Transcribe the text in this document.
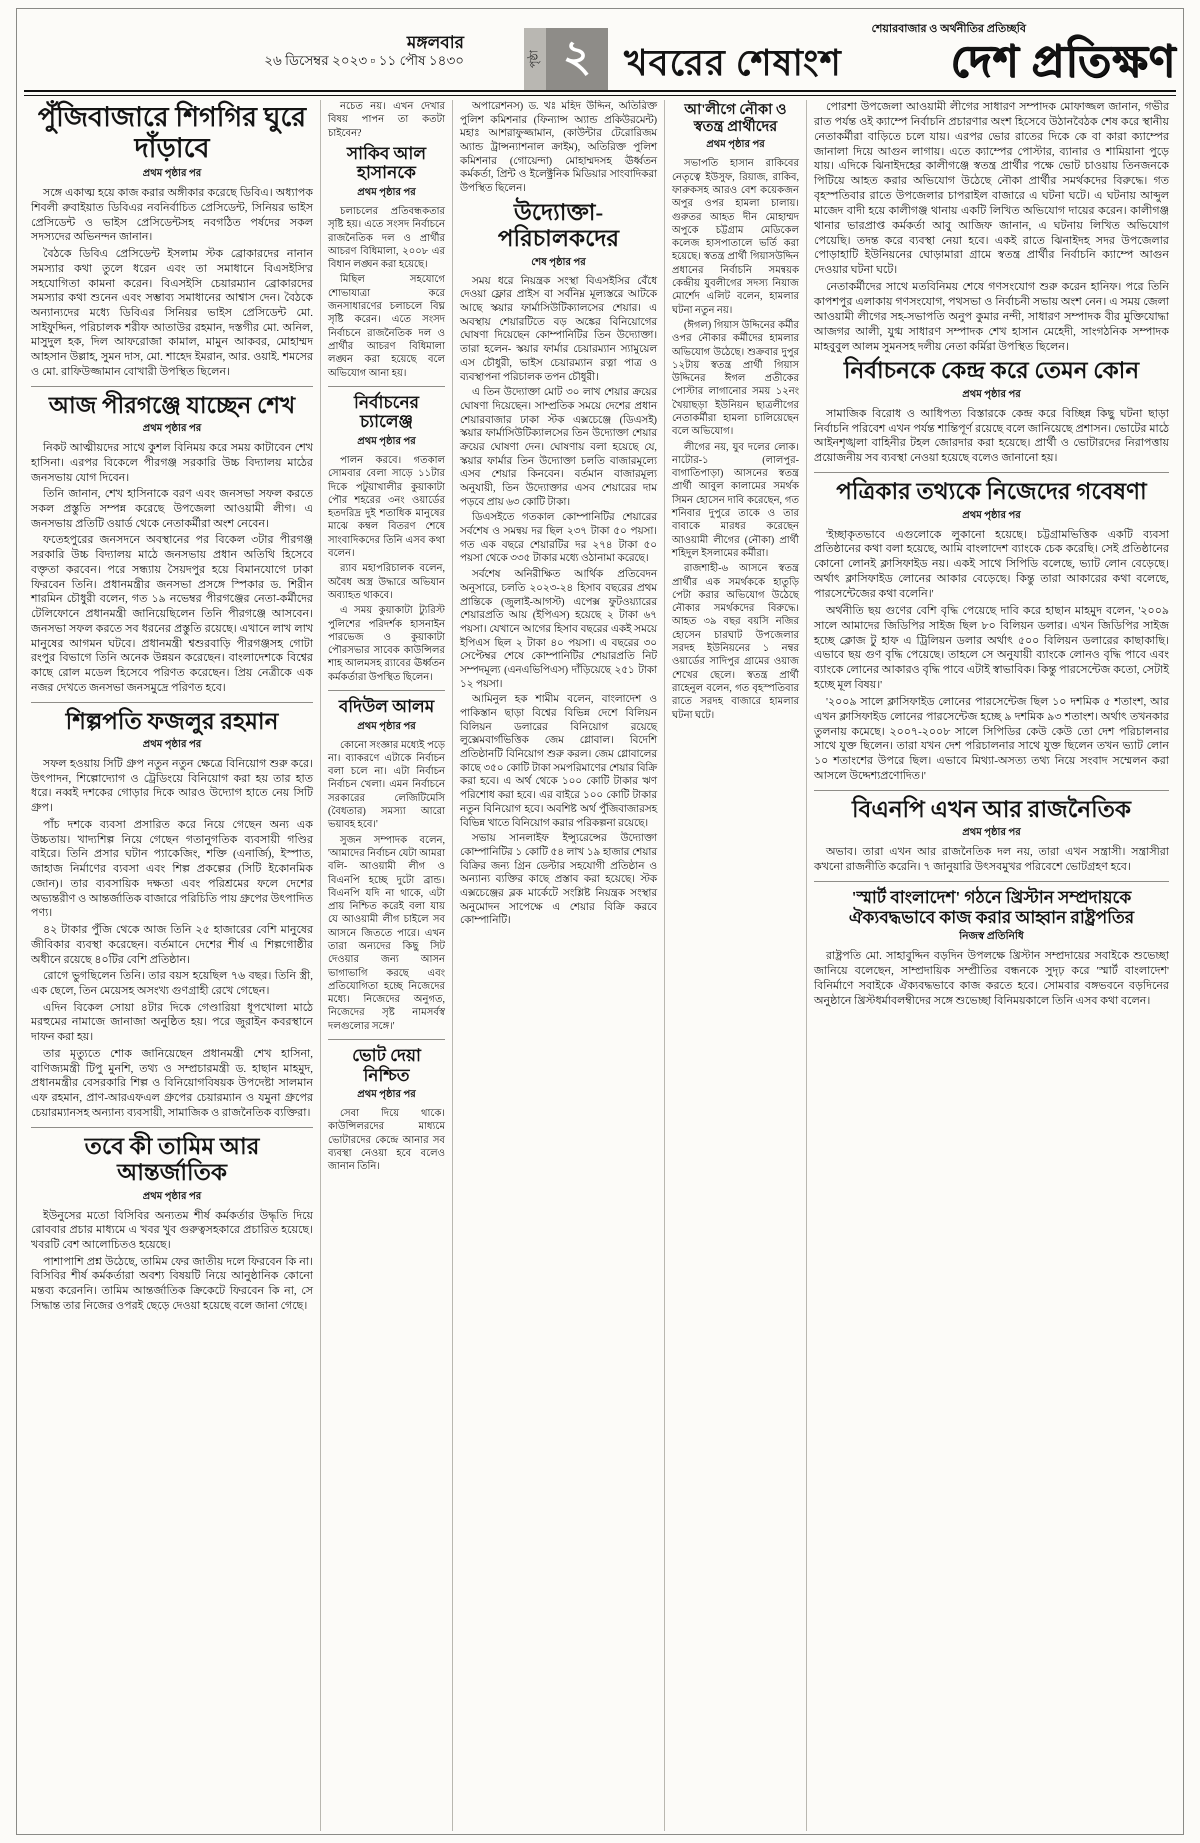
মঙ্গলবার
২৬ ডিসেম্বর ২০২৩ ▫ ১১ পৌষ ১৪৩০	পৃষ্ঠা ২ খবরের শেষাংশ
শেয়ারবাজার ও অর্থনীতির প্রতিচ্ছবি
দেশ প্রতিক্ষণ
পুঁজিবাজারে শিগগির ঘুরে দাঁড়াবে
প্রথম পৃষ্ঠার পর

সঙ্গে একাত্ম হয়ে কাজ করার অঙ্গীকার করেছে ডিবিএ। অধ্যাপক শিবলী রুবাইয়াত ডিবিএর নবনির্বাচিত প্রেসিডেন্ট, সিনিয়র ভাইস প্রেসিডেন্ট ও ভাইস প্রেসিডেন্টসহ নবগঠিত পর্ষদের সকল সদস্যদের অভিনন্দন জানান।

বৈঠকে ডিবিএ প্রেসিডেন্ট ইসলাম স্টক ব্রোকারদের নানান সমস্যার কথা তুলে ধরেন এবং তা সমাধানে বিএসইসি'র সহযোগিতা কামনা করেন। বিএসইসি চেয়ারম্যান ব্রোকারদের সমস্যার কথা শুনেন এবং সম্ভাব্য সমাধানের আশ্বাস দেন। বৈঠকে অন্যান্যদের মধ্যে ডিবিএর সিনিয়র ভাইস প্রেসিডেন্ট মো. সাইফুদ্দিন, পরিচালক শরীফ আতাউর রহমান, দস্তগীর মো. অনিল, মাসুদুল হক, দিল আফরোজা কামাল, মামুন আকবর, মোহাম্মদ আহসান উল্লাহ, সুমন দাস, মো. শাহেদ ইমরান, আর. ওয়াই. শমসের ও মো. রাফিউজ্জামান বোখারী উপস্থিত ছিলেন।

আজ পীরগঞ্জে যাচ্ছেন শেখ
প্রথম পৃষ্ঠার পর

নিকট আত্মীয়দের সাথে কুশল বিনিময় করে সময় কাটাবেন শেখ হাসিনা। এরপর বিকেলে পীরগঞ্জ সরকারি উচ্চ বিদ্যালয় মাঠের জনসভায় যোগ দিবেন।

তিনি জানান, শেখ হাসিনাকে বরণ এবং জনসভা সফল করতে সকল প্রস্তুতি সম্পন্ন করেছে উপজেলা আওয়ামী লীগ। এ জনসভায় প্রতিটি ওয়ার্ড থেকে নেতাকর্মীরা অংশ নেবেন।

ফতেহপুরের জনসদনে অবস্থানের পর বিকেল ৩টার পীরগঞ্জ সরকারি উচ্চ বিদ্যালয় মাঠে জনসভায় প্রধান অতিথি হিসেবে বক্তৃতা করবেন। পরে সন্ধ্যায় সৈয়দপুর হয়ে বিমানযোগে ঢাকা ফিরবেন তিনি। প্রধানমন্ত্রীর জনসভা প্রসঙ্গে স্পিকার ড. শিরীন শারমিন চৌধুরী বলেন, গত ১৯ নভেম্বর পীরগঞ্জের নেতা-কর্মীদের টেলিফোনে প্রধানমন্ত্রী জানিয়েছিলেন তিনি পীরগঞ্জে আসবেন। জনসভা সফল করতে সব ধরনের প্রস্তুতি রয়েছে। এখানে লাখ লাখ মানুষের আগমন ঘটবে। প্রধানমন্ত্রী শ্বশুরবাড়ি পীরগঞ্জসহ গোটা রংপুর বিভাগে তিনি অনেক উন্নয়ন করেছেন। বাংলাদেশকে বিশ্বের কাছে রোল মডেল হিসেবে পরিণত করেছেন। প্রিয় নেত্রীকে এক নজর দেখতে জনসভা জনসমুদ্রে পরিণত হবে।

শিল্পপতি ফজলুর রহমান
প্রথম পৃষ্ঠার পর

সফল হওয়ায় সিটি গ্রুপ নতুন নতুন ক্ষেত্রে বিনিয়োগ শুরু করে। উৎপাদন, শিল্পোদ্যোগ ও ট্রেডিংয়ে বিনিয়োগ করা হয় তার হাত ধরে। নব্বই দশকের গোড়ার দিকে আরও উদ্যোগ হাতে নেয় সিটি গ্রুপ।

পাঁচ দশকে ব্যবসা প্রসারিত করে নিয়ে গেছেন অন্য এক উচ্চতায়। খাদ্যশিল্প নিয়ে গেছেন গতানুগতিক ব্যবসায়ী গণ্ডির বাইরে। তিনি প্রসার ঘটান প্যাকেজিং, শক্তি (এনার্জি), ইস্পাত, জাহাজ নির্মাণের ব্যবসা এবং শিল্প প্রকল্পের (সিটি ইকোনমিক জোন)। তার ব্যবসায়িক দক্ষতা এবং পরিশ্রমের ফলে দেশের অভ্যন্তরীণ ও আন্তর্জাতিক বাজারে পরিচিতি পায় গ্রুপের উৎপাদিত পণ্য।

৪২ টাকার পুঁজি থেকে আজ তিনি ২৫ হাজারের বেশি মানুষের জীবিকার ব্যবস্থা করেছেন। বর্তমানে দেশের শীর্ষ এ শিল্পগোষ্ঠীর অধীনে রয়েছে ৪০টির বেশি প্রতিষ্ঠান।

রোগে ভুগছিলেন তিনি। তার বয়স হয়েছিল ৭৬ বছর। তিনি স্ত্রী, এক ছেলে, তিন মেয়েসহ অসংখ্য গুণগ্রাহী রেখে গেছেন।

এদিন বিকেল সোয়া ৪টার দিকে গেণ্ডারিয়া ধূপখোলা মাঠে মরহুমের নামাজে জানাজা অনুষ্ঠিত হয়। পরে জুরাইন কবরস্থানে দাফন করা হয়।

তার মৃত্যুতে শোক জানিয়েছেন প্রধানমন্ত্রী শেখ হাসিনা, বাণিজ্যমন্ত্রী টিপু মুনশি, তথ্য ও সম্প্রচারমন্ত্রী ড. হাছান মাহমুদ, প্রধানমন্ত্রীর বেসরকারি শিল্প ও বিনিয়োগবিষয়ক উপদেষ্টা সালমান এফ রহমান, প্রাণ-আরএফএল গ্রুপের চেয়ারম্যান ও যমুনা গ্রুপের চেয়ারম্যানসহ অন্যান্য ব্যবসায়ী, সামাজিক ও রাজনৈতিক ব্যক্তিরা।

তবে কী তামিম আর আন্তর্জাতিক
প্রথম পৃষ্ঠার পর

ইউনুসের মতো বিসিবির অন্যতম শীর্ষ কর্মকর্তার উদ্ধৃতি দিয়ে রোববার প্রচার মাধ্যমে এ খবর খুব গুরুত্বসহকারে প্রচারিত হয়েছে। খবরটি বেশ আলোচিতও হয়েছে।

পাশাপাশি প্রশ্ন উঠেছে, তামিম ফের জাতীয় দলে ফিরবেন কি না। বিসিবির শীর্ষ কর্মকর্তারা অবশ্য বিষয়টি নিয়ে আনুষ্ঠানিক কোনো মন্তব্য করেননি। তামিম আন্তর্জাতিক ক্রিকেটে ফিরবেন কি না, সে সিদ্ধান্ত তার নিজের ওপরই ছেড়ে দেওয়া হয়েছে বলে জানা গেছে।

নচেত নয়। এখন দেখার বিষয় পাপন তা কতটা চাইবেন?

সাকিব আল হাসানকে
প্রথম পৃষ্ঠার পর

চলাচলের প্রতিবন্ধকতার সৃষ্টি হয়। এতে সংসদ নির্বাচনে রাজনৈতিক দল ও প্রার্থীর আচরণ বিধিমালা, ২০০৮ এর বিধান লঙ্ঘন করা হয়েছে।

মিছিল সহযোগে শোভাযাত্রা করে জনসাধারণের চলাচলে বিঘ্ন সৃষ্টি করেন। এতে সংসদ নির্বাচনে রাজনৈতিক দল ও প্রার্থীর আচরণ বিধিমালা লঙ্ঘন করা হয়েছে বলে অভিযোগ আনা হয়।

নির্বাচনের চ্যালেঞ্জ
প্রথম পৃষ্ঠার পর

পালন করবে। গতকাল সোমবার বেলা সাড়ে ১১টার দিকে পটুয়াখালীর কুয়াকাটা পৌর শহরের ৩নং ওয়ার্ডের হতদরিদ্র দুই শতাধিক মানুষের মাঝে কম্বল বিতরণ শেষে সাংবাদিকদের তিনি এসব কথা বলেন।

র‌্যাব মহাপরিচালক বলেন, অবৈধ অস্ত্র উদ্ধারে অভিযান অব্যাহত থাকবে।

এ সময় কুয়াকাটা ট্যুরিস্ট পুলিশের পরিদর্শক হাসনাইন পারভেজ ও কুয়াকাটা পৌরসভার সাবেক কাউন্সিলর শাহ আলমসহ র‌্যাবের ঊর্ধ্বতন কর্মকর্তারা উপস্থিত ছিলেন।

বদিউল আলম
প্রথম পৃষ্ঠার পর

কোনো সংজ্ঞার মধ্যেই পড়ে না। ব্যাকরণে এটাকে নির্বাচন বলা চলে না। এটা নির্বাচন নির্বাচন খেলা। এমন নির্বাচনে সরকারের লেজিটিমেসি (বৈধতার) সমস্যা আরো ভয়াবহ হবে।'

সুজন সম্পাদক বলেন, 'আমাদের নির্বাচন যেটা আমরা বলি- আওয়ামী লীগ ও বিএনপি হচ্ছে দুটো ব্রান্ড। বিএনপি যদি না থাকে, এটা প্রায় নিশ্চিত করেই বলা যায় যে আওয়ামী লীগ চাইলে সব আসনে জিততে পারে। এখন তারা অন্যদের কিছু সিট দেওয়ার জন্য আসন ভাগাভাগি করছে এবং প্রতিযোগিতা হচ্ছে নিজেদের মধ্যে। নিজেদের অনুগত, নিজেদের সৃষ্ট নামসর্বস্ব দলগুলোর সঙ্গে।'

ভোট দেয়া নিশ্চিত
প্রথম পৃষ্ঠার পর

সেবা দিয়ে থাকে। কাউন্সিলরদের মাধ্যমে ভোটারদের কেন্দ্রে আনার সব ব্যবস্থা নেওয়া হবে বলেও জানান তিনি।

অপারেশনস) ড. খঃ মহিদ উদ্দিন, অতিরিক্ত পুলিশ কমিশনার (ফিন্যান্স অ্যান্ড প্রকিউরমেন্ট) মহাঃ আশরাফুজ্জামান, (কাউন্টার টেরোরিজম অ্যান্ড ট্রান্সন্যাশনাল ক্রাইম), অতিরিক্ত পুলিশ কমিশনার (গোয়েন্দা) মোহাম্মদসহ ঊর্ধ্বতন কর্মকর্তা, প্রিন্ট ও ইলেক্ট্রনিক মিডিয়ার সাংবাদিকরা উপস্থিত ছিলেন।

উদ্যোক্তা-পরিচালকদের
শেষ পৃষ্ঠার পর

সময় ধরে নিয়ন্ত্রক সংস্থা বিএসইসির বেঁধে দেওয়া ফ্লোর প্রাইস বা সর্বনিম্ন মূল্যস্তরে আটকে আছে স্কয়ার ফার্মাসিউটিক্যালসের শেয়ার। এ অবস্থায় শেয়ারটিতে বড় অঙ্কের বিনিয়োগের ঘোষণা দিয়েছেন কোম্পানিটির তিন উদ্যোক্তা। তারা হলেন- স্কয়ার ফার্মার চেয়ারম্যান স্যামুয়েল এস চৌধুরী, ভাইস চেয়ারম্যান রত্না পাত্র ও ব্যবস্থাপনা পরিচালক তপন চৌধুরী।

এ তিন উদ্যোক্তা মোট ৩০ লাখ শেয়ার ক্রয়ের ঘোষণা দিয়েছেন। সাম্প্রতিক সময়ে দেশের প্রধান শেয়ারবাজার ঢাকা স্টক এক্সচেঞ্জে (ডিএসই) স্কয়ার ফার্মাসিউটিক্যালসের তিন উদ্যোক্তা শেয়ার ক্রয়ের ঘোষণা দেন। ঘোষণায় বলা হয়েছে যে, স্কয়ার ফার্মার তিন উদ্যোক্তা চলতি বাজারমূল্যে এসব শেয়ার কিনবেন। বর্তমান বাজারমূল্য অনুযায়ী, তিন উদ্যোক্তার এসব শেয়ারের দাম পড়বে প্রায় ৬৩ কোটি টাকা।

ডিএসইতে গতকাল কোম্পানিটির শেয়ারের সর্বশেষ ও সমন্বয় দর ছিল ২৩৭ টাকা ৫০ পয়সা। গত এক বছরে শেয়ারটির দর ২৭৪ টাকা ৫০ পয়সা থেকে ৩৩৫ টাকার মধ্যে ওঠানামা করেছে।

সর্বশেষ অনিরীক্ষিত আর্থিক প্রতিবেদন অনুসারে, চলতি ২০২৩-২৪ হিসাব বছরের প্রথম প্রান্তিকে (জুলাই-আগস্ট) এপেক্স ফুটওয়্যারের শেয়ারপ্রতি আয় (ইপিএস) হয়েছে ২ টাকা ৬৭ পয়সা। যেখানে আগের হিসাব বছরের একই সময়ে ইপিএস ছিল ২ টাকা ৪০ পয়সা। এ বছরের ৩০ সেপ্টেম্বর শেষে কোম্পানিটির শেয়ারপ্রতি নিট সম্পদমূল্য (এনএভিপিএস) দাঁড়িয়েছে ২৫১ টাকা ১২ পয়সা।

আমিনুল হক শামীম বলেন, বাংলাদেশ ও পাকিস্তান ছাড়া বিশ্বের বিভিন্ন দেশে বিলিয়ন বিলিয়ন ডলারের বিনিয়োগ রয়েছে লুক্সেমবার্গভিত্তিক জেম গ্লোবাল। বিদেশি প্রতিষ্ঠানটি বিনিয়োগ শুরু করল। জেম গ্লোবালের কাছে ৩৫০ কোটি টাকা সমপরিমাণের শেয়ার বিক্রি করা হবে। এ অর্থ থেকে ১০০ কোটি টাকার ঋণ পরিশোধ করা হবে। এর বাইরে ১০০ কোটি টাকার নতুন বিনিয়োগ হবে। অবশিষ্ট অর্থ পুঁজিবাজারসহ বিভিন্ন খাতে বিনিয়োগ করার পরিকল্পনা রয়েছে।

সভায় সানলাইফ ইন্স্যুরেন্সের উদ্যোক্তা কোম্পানিটির ১ কোটি ৫৪ লাখ ১৯ হাজার শেয়ার বিক্রির জন্য গ্রিন ডেল্টার সহযোগী প্রতিষ্ঠান ও অন্যান্য ব্যক্তির কাছে প্রস্তাব করা হয়েছে। স্টক এক্সচেঞ্জের ব্লক মার্কেটে সংশ্লিষ্ট নিয়ন্ত্রক সংস্থার অনুমোদন সাপেক্ষে এ শেয়ার বিক্রি করবে কোম্পানিটি।

আ'লীগে নৌকা ও স্বতন্ত্র প্রার্থীদের
প্রথম পৃষ্ঠার পর

সভাপতি হাসান রাকিবের নেতৃত্বে ইউসুফ, রিয়াজ, রাকিব, ফারুকসহ আরও বেশ কয়েকজন অপুর ওপর হামলা চালায়। গুরুতর আহত দীন মোহাম্মদ অপুকে চট্টগ্রাম মেডিকেল কলেজ হাসপাতালে ভর্তি করা হয়েছে। স্বতন্ত্র প্রার্থী গিয়াসউদ্দিন প্রধানের নির্বাচনি সমন্বয়ক কেন্দ্রীয় যুবলীগের সদস্য নিয়াজ মোর্শেদ এলিট বলেন, হামলার ঘটনা নতুন নয়।

(ঈগল) গিয়াস উদ্দিনের কর্মীর ওপর নৌকার কর্মীদের হামলার অভিযোগ উঠেছে। শুক্রবার দুপুর ১২টায় স্বতন্ত্র প্রার্থী গিয়াস উদ্দিনের ঈগল প্রতীকের পোস্টার লাগানোর সময় ১২নং খৈয়াছড়া ইউনিয়ন ছাত্রলীগের নেতাকর্মীরা হামলা চালিয়েছেন বলে অভিযোগ।

লীগের নয়, যুব দলের লোক। নাটোর-১ (লালপুর-বাগাতিপাড়া) আসনের স্বতন্ত্র প্রার্থী আবুল কালামের সমর্থক সিমন হোসেন দাবি করেছেন, গত শনিবার দুপুরে তাকে ও তার বাবাকে মারধর করেছেন আওয়ামী লীগের (নৌকা) প্রার্থী শহিদুল ইসলামের কর্মীরা।

রাজশাহী-৬ আসনে স্বতন্ত্র প্রার্থীর এক সমর্থককে হাতুড়ি পেটা করার অভিযোগ উঠেছে নৌকার সমর্থকদের বিরুদ্ধে। আহত ৩৯ বছর বয়সি নজির হোসেন চারঘাট উপজেলার সরদহ ইউনিয়নের ১ নম্বর ওয়ার্ডের সাদিপুর গ্রামের ওয়াজ শেখের ছেলে। স্বতন্ত্র প্রার্থী রাহেনুল বলেন, গত বৃহস্পতিবার রাতে সরদহ বাজারে হামলার ঘটনা ঘটে।

পোরশা উপজেলা আওয়ামী লীগের সাধারণ সম্পাদক মোফাজ্জল জানান, গভীর রাত পর্যন্ত ওই ক্যাম্পে নির্বাচনি প্রচারণার অংশ হিসেবে উঠানবৈঠক শেষ করে স্থানীয় নেতাকর্মীরা বাড়িতে চলে যায়। এরপর ভোর রাতের দিকে কে বা কারা ক্যাম্পের জানালা দিয়ে আগুন লাগায়। এতে ক্যাম্পের পোস্টার, ব্যানার ও শামিয়ানা পুড়ে যায়। এদিকে ঝিনাইদহের কালীগঞ্জে স্বতন্ত্র প্রার্থীর পক্ষে ভোট চাওয়ায় তিনজনকে পিটিয়ে আহত করার অভিযোগ উঠেছে নৌকা প্রার্থীর সমর্থকদের বিরুদ্ধে। গত বৃহস্পতিবার রাতে উপজেলার চাপরাইল বাজারে এ ঘটনা ঘটে। এ ঘটনায় আব্দুল মাজেদ বাদী হয়ে কালীগঞ্জ থানায় একটি লিখিত অভিযোগ দায়ের করেন। কালীগঞ্জ থানার ভারপ্রাপ্ত কর্মকর্তা আবু আজিফ জানান, এ ঘটনায় লিখিত অভিযোগ পেয়েছি। তদন্ত করে ব্যবস্থা নেয়া হবে। একই রাতে ঝিনাইদহ সদর উপজেলার পোড়াহাটি ইউনিয়নের ঘোড়ামারা গ্রামে স্বতন্ত্র প্রার্থীর নির্বাচনি ক্যাম্পে আগুন দেওয়ার ঘটনা ঘটে।

নেতাকর্মীদের সাথে মতবিনিময় শেষে গণসংযোগ শুরু করেন হানিফ। পরে তিনি কাপশপুর এলাকায় গণসংযোগ, পথসভা ও নির্বাচনী সভায় অংশ নেন। এ সময় জেলা আওয়ামী লীগের সহ-সভাপতি অনুপ কুমার নন্দী, সাধারণ সম্পাদক বীর মুক্তিযোদ্ধা আজগর আলী, যুগ্ম সাধারণ সম্পাদক শেখ হাসান মেহেদী, সাংগঠনিক সম্পাদক মাহবুবুল আলম সুমনসহ দলীয় নেতা কর্মিরা উপস্থিত ছিলেন।

নির্বাচনকে কেন্দ্র করে তেমন কোন
প্রথম পৃষ্ঠার পর

সামাজিক বিরোধ ও আধিপত্য বিস্তারকে কেন্দ্র করে বিচ্ছিন্ন কিছু ঘটনা ছাড়া নির্বাচনি পরিবেশ এখন পর্যন্ত শান্তিপূর্ণ রয়েছে বলে জানিয়েছে প্রশাসন। ভোটের মাঠে আইনশৃঙ্খলা বাহিনীর টহল জোরদার করা হয়েছে। প্রার্থী ও ভোটারদের নিরাপত্তায় প্রয়োজনীয় সব ব্যবস্থা নেওয়া হয়েছে বলেও জানানো হয়।

পত্রিকার তথ্যকে নিজেদের গবেষণা
প্রথম পৃষ্ঠার পর

'ইচ্ছাকৃতভাবে এগুলোকে লুকানো হয়েছে। চট্টগ্রামভিত্তিক একটি ব্যবসা প্রতিষ্ঠানের কথা বলা হয়েছে, আমি বাংলাদেশ ব্যাংকে চেক করেছি। সেই প্রতিষ্ঠানের কোনো লোনই ক্লাসিফাইড নয়। একই সাথে সিপিডি বলেছে, ভ্যাট লোন বেড়েছে। অর্থাৎ ক্লাসিফাইড লোনের আকার বেড়েছে। কিন্তু তারা আকারের কথা বলেছে, পারসেন্টেজের কথা বলেনি।'

অর্থনীতি ছয় গুণের বেশি বৃদ্ধি পেয়েছে দাবি করে হাছান মাহমুদ বলেন, '২০০৯ সালে আমাদের জিডিপির সাইজ ছিল ৮০ বিলিয়ন ডলার। এখন জিডিপির সাইজ হচ্ছে ক্লোজ টু হাফ এ ট্রিলিয়ন ডলার অর্থাৎ ৫০০ বিলিয়ন ডলারের কাছাকাছি। এভাবে ছয় গুণ বৃদ্ধি পেয়েছে। তাহলে সে অনুযায়ী ব্যাংকে লোনও বৃদ্ধি পাবে এবং ব্যাংকে লোনের আকারও বৃদ্ধি পাবে এটাই স্বাভাবিক। কিন্তু পারসেন্টেজ কতো, সেটাই হচ্ছে মূল বিষয়।'

'২০০৯ সালে ক্লাসিফাইড লোনের পারসেন্টেজ ছিল ১০ দশমিক ৫ শতাংশ, আর এখন ক্লাসিফাইড লোনের পারসেন্টেজ হচ্ছে ৯ দশমিক ৯৩ শতাংশ। অর্থাৎ তখনকার তুলনায় কমেছে। ২০০৭-২০০৮ সালে সিপিডির কেউ কেউ তো দেশ পরিচালনার সাথে যুক্ত ছিলেন। তারা যখন দেশ পরিচালনার সাথে যুক্ত ছিলেন তখন ভ্যাট লোন ১০ শতাংশের উপরে ছিল। এভাবে মিথ্যা-অসত্য তথ্য নিয়ে সংবাদ সম্মেলন করা আসলে উদ্দেশ্যপ্রণোদিত।'

বিএনপি এখন আর রাজনৈতিক
প্রথম পৃষ্ঠার পর

অভাব। তারা এখন আর রাজনৈতিক দল নয়, তারা এখন সন্ত্রাসী। সন্ত্রাসীরা কখনো রাজনীতি করেনি। ৭ জানুয়ারি উৎসবমুখর পরিবেশে ভোটগ্রহণ হবে।

'স্মার্ট বাংলাদেশ' গঠনে খ্রিস্টান সম্প্রদায়কে ঐক্যবদ্ধভাবে কাজ করার আহ্বান রাষ্ট্রপতির
নিজস্ব প্রতিনিধি

রাষ্ট্রপতি মো. সাহাবুদ্দিন বড়দিন উপলক্ষে খ্রিস্টান সম্প্রদায়ের সবাইকে শুভেচ্ছা জানিয়ে বলেছেন, সাম্প্রদায়িক সম্প্রীতির বন্ধনকে সুদৃঢ় করে 'স্মার্ট বাংলাদেশ' বিনির্মাণে সবাইকে ঐক্যবদ্ধভাবে কাজ করতে হবে। সোমবার বঙ্গভবনে বড়দিনের অনুষ্ঠানে খ্রিস্টধর্মাবলম্বীদের সঙ্গে শুভেচ্ছা বিনিময়কালে তিনি এসব কথা বলেন।
